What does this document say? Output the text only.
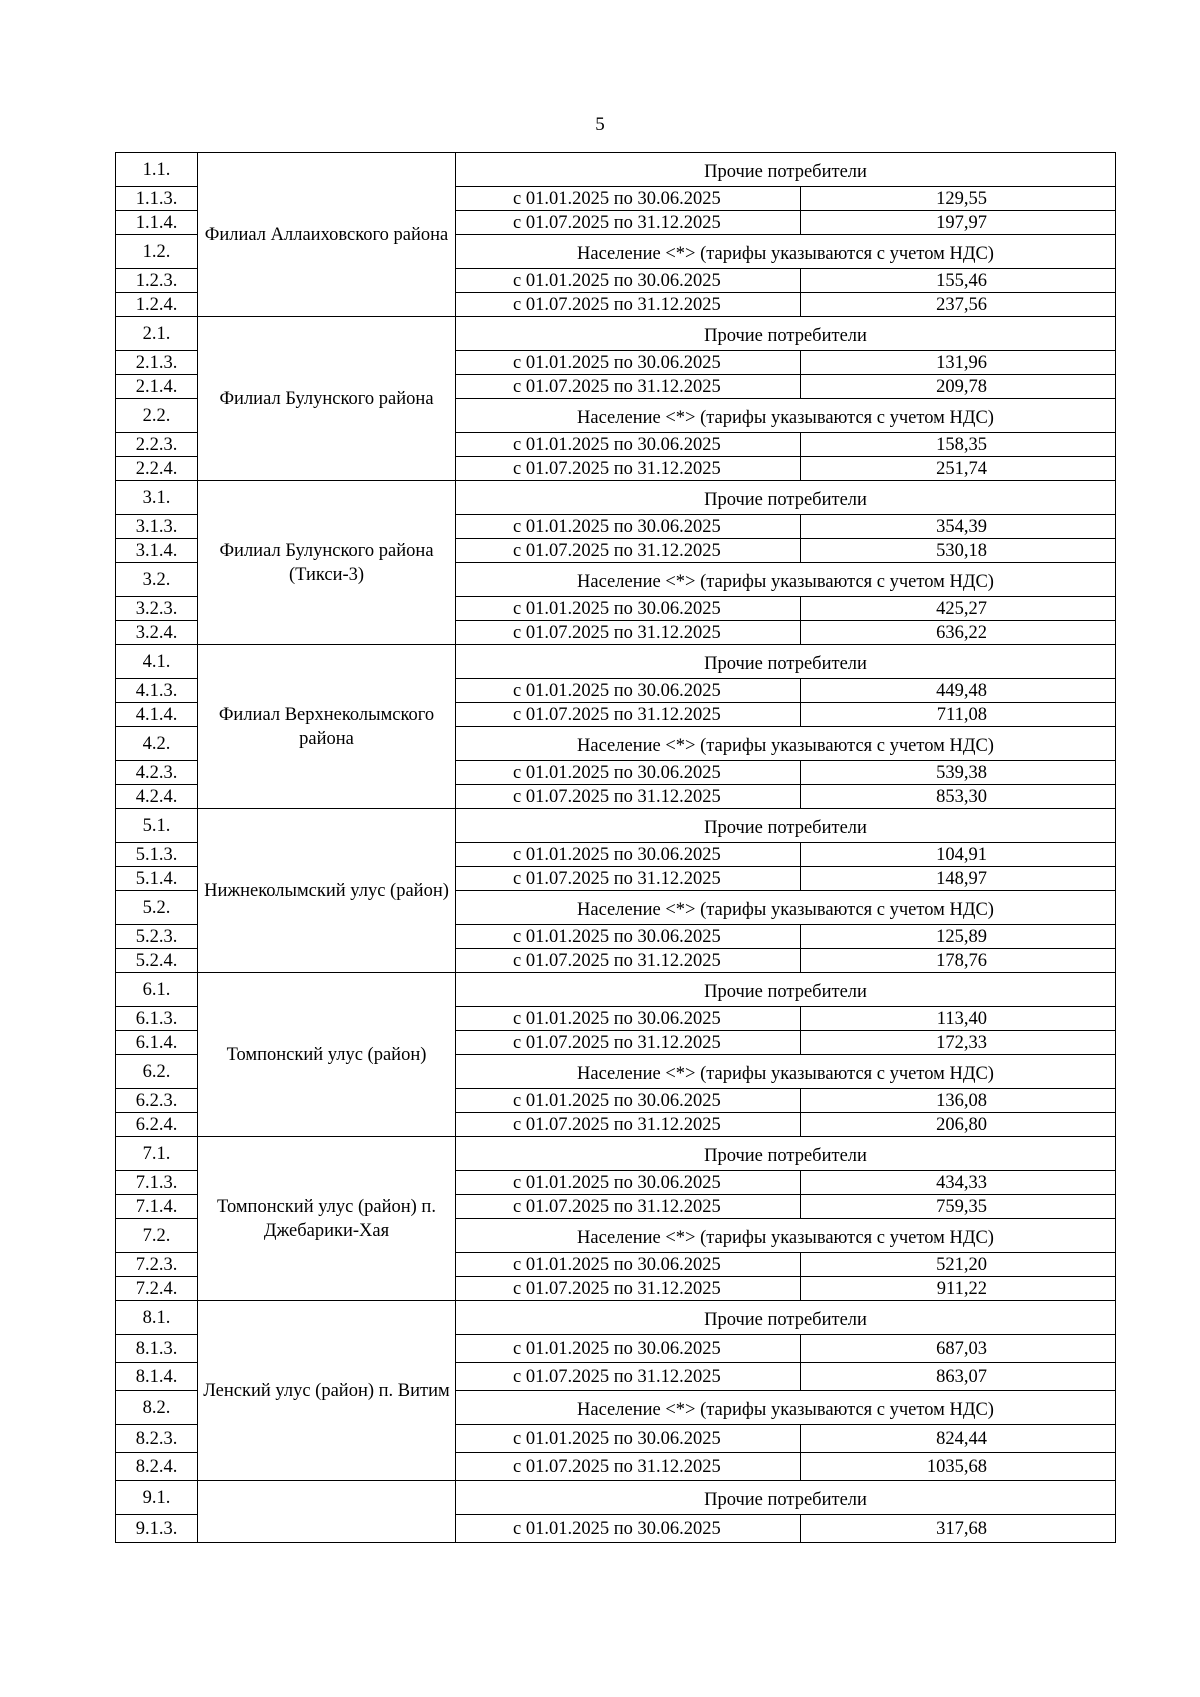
5
1.1.	Филиал Аллаиховского района	Прочие потребители	
1.1.3.		с 01.01.2025 по 30.06.2025	129,55
1.1.4.		с 01.07.2025 по 31.12.2025	197,97
1.2.		Население <*> (тарифы указываются с учетом НДС)	
1.2.3.		с 01.01.2025 по 30.06.2025	155,46
1.2.4.		с 01.07.2025 по 31.12.2025	237,56
2.1.	Филиал Булунского района	Прочие потребители	
2.1.3.		с 01.01.2025 по 30.06.2025	131,96
2.1.4.		с 01.07.2025 по 31.12.2025	209,78
2.2.		Население <*> (тарифы указываются с учетом НДС)	
2.2.3.		с 01.01.2025 по 30.06.2025	158,35
2.2.4.		с 01.07.2025 по 31.12.2025	251,74
3.1.	Филиал Булунского района (Тикси-3)	Прочие потребители	
3.1.3.		с 01.01.2025 по 30.06.2025	354,39
3.1.4.		с 01.07.2025 по 31.12.2025	530,18
3.2.		Население <*> (тарифы указываются с учетом НДС)	
3.2.3.		с 01.01.2025 по 30.06.2025	425,27
3.2.4.		с 01.07.2025 по 31.12.2025	636,22
4.1.	Филиал Верхнеколымского района	Прочие потребители	
4.1.3.		с 01.01.2025 по 30.06.2025	449,48
4.1.4.		с 01.07.2025 по 31.12.2025	711,08
4.2.		Население <*> (тарифы указываются с учетом НДС)	
4.2.3.		с 01.01.2025 по 30.06.2025	539,38
4.2.4.		с 01.07.2025 по 31.12.2025	853,30
5.1.	Нижнеколымский улус (район)	Прочие потребители	
5.1.3.		с 01.01.2025 по 30.06.2025	104,91
5.1.4.		с 01.07.2025 по 31.12.2025	148,97
5.2.		Население <*> (тарифы указываются с учетом НДС)	
5.2.3.		с 01.01.2025 по 30.06.2025	125,89
5.2.4.		с 01.07.2025 по 31.12.2025	178,76
6.1.	Томпонский улус (район)	Прочие потребители	
6.1.3.		с 01.01.2025 по 30.06.2025	113,40
6.1.4.		с 01.07.2025 по 31.12.2025	172,33
6.2.		Население <*> (тарифы указываются с учетом НДС)	
6.2.3.		с 01.01.2025 по 30.06.2025	136,08
6.2.4.		с 01.07.2025 по 31.12.2025	206,80
7.1.	Томпонский улус (район) п. Джебарики-Хая	Прочие потребители	
7.1.3.		с 01.01.2025 по 30.06.2025	434,33
7.1.4.		с 01.07.2025 по 31.12.2025	759,35
7.2.		Население <*> (тарифы указываются с учетом НДС)	
7.2.3.		с 01.01.2025 по 30.06.2025	521,20
7.2.4.		с 01.07.2025 по 31.12.2025	911,22
8.1.	Ленский улус (район) п. Витим	Прочие потребители	
8.1.3.		с 01.01.2025 по 30.06.2025	687,03
8.1.4.		с 01.07.2025 по 31.12.2025	863,07
8.2.		Население <*> (тарифы указываются с учетом НДС)	
8.2.3.		с 01.01.2025 по 30.06.2025	824,44
8.2.4.		с 01.07.2025 по 31.12.2025	1035,68
9.1.		Прочие потребители	
9.1.3.		с 01.01.2025 по 30.06.2025	317,68
